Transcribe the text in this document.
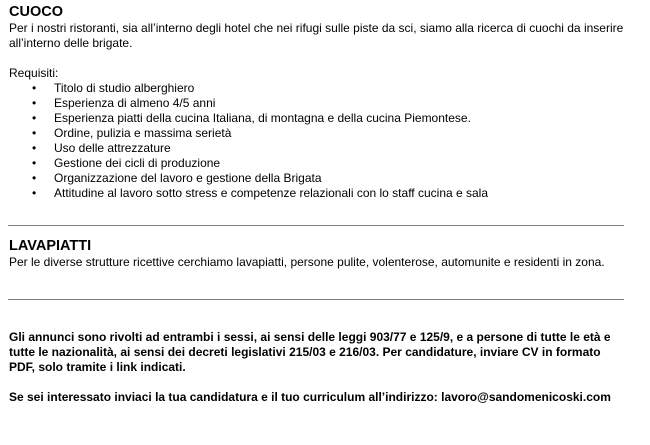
CUOCO

Per i nostri ristoranti, sia all’interno degli hotel che nei rifugi sulle piste da sci, siamo alla ricerca di cuochi da inserire

all’interno delle brigate.

Requisiti:

• Titolo di studio alberghiero
• Esperienza di almeno 4/5 anni
• Esperienza piatti della cucina Italiana, di montagna e della cucina Piemontese.
• Ordine, pulizia e massima serietà
• Uso delle attrezzature
• Gestione dei cicli di produzione
• Organizzazione del lavoro e gestione della Brigata
• Attitudine al lavoro sotto stress e competenze relazionali con lo staff cucina e sala
LAVAPIATTI

Per le diverse strutture ricettive cerchiamo lavapiatti, persone pulite, volenterose, automunite e residenti in zona.

Gli annunci sono rivolti ad entrambi i sessi, ai sensi delle leggi 903/77 e 125/9, e a persone di tutte le età e

tutte le nazionalità, ai sensi dei decreti legislativi 215/03 e 216/03. Per candidature, inviare CV in formato

PDF, solo tramite i link indicati.

Se sei interessato inviaci la tua candidatura e il tuo curriculum all’indirizzo: lavoro@sandomenicoski.com
